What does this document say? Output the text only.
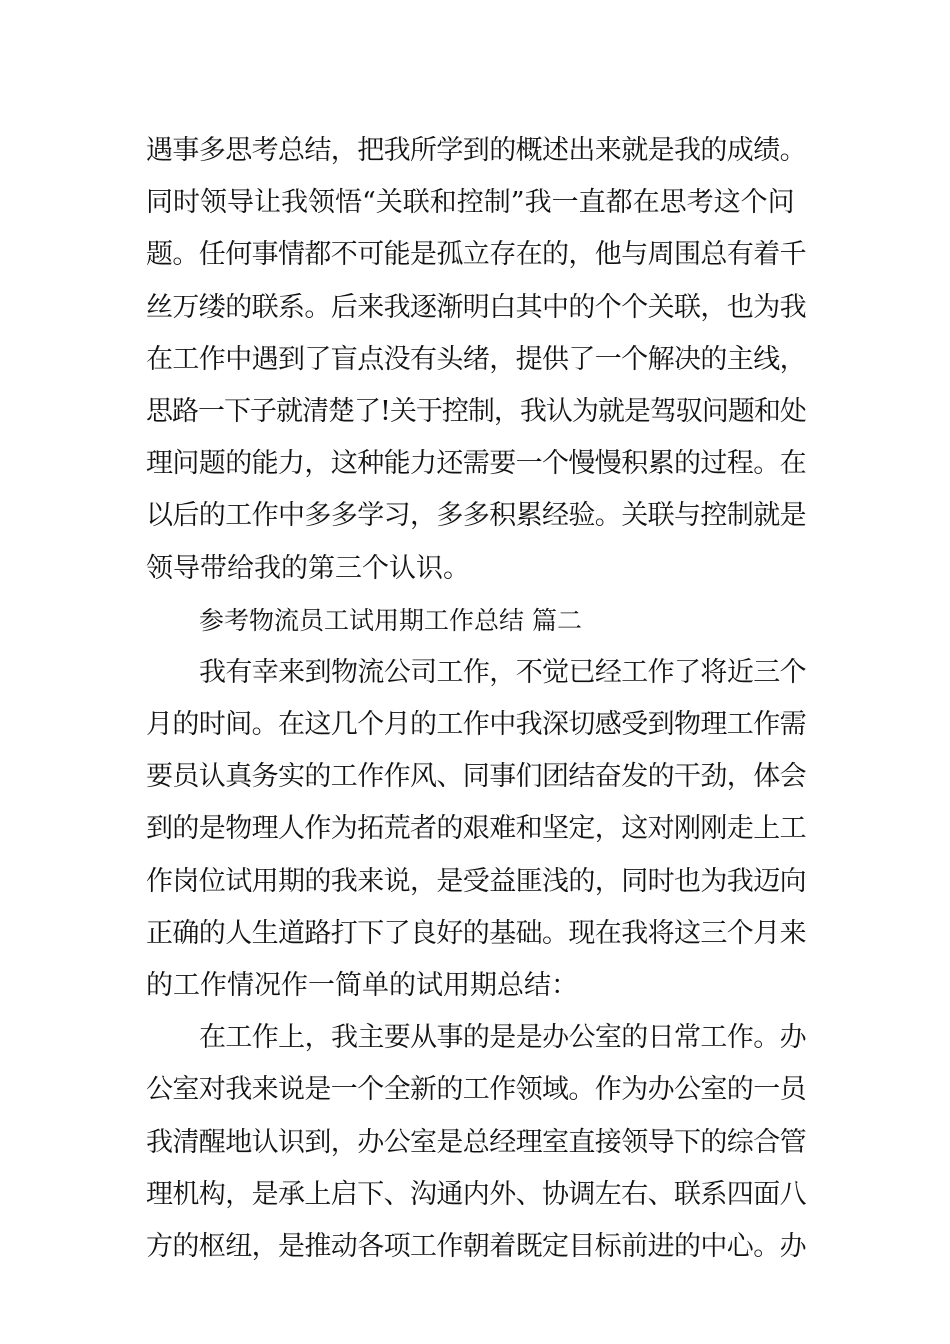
遇事多思考总结，把我所学到的概述出来就是我的成绩。
同时领导让我领悟“关联和控制”我一直都在思考这个问
题。任何事情都不可能是孤立存在的，他与周围总有着千
丝万缕的联系。后来我逐渐明白其中的个个关联，也为我
在工作中遇到了盲点没有头绪，提供了一个解决的主线，
思路一下子就清楚了!关于控制，我认为就是驾驭问题和处
理问题的能力，这种能力还需要一个慢慢积累的过程。在
以后的工作中多多学习，多多积累经验。关联与控制就是
领导带给我的第三个认识。
参考物流员工试用期工作总结 篇二
我有幸来到物流公司工作，不觉已经工作了将近三个
月的时间。在这几个月的工作中我深切感受到物理工作需
要员认真务实的工作作风、同事们团结奋发的干劲，体会
到的是物理人作为拓荒者的艰难和坚定，这对刚刚走上工
作岗位试用期的我来说，是受益匪浅的，同时也为我迈向
正确的人生道路打下了良好的基础。现在我将这三个月来
的工作情况作一简单的试用期总结：
在工作上，我主要从事的是是办公室的日常工作。办
公室对我来说是一个全新的工作领域。作为办公室的一员
我清醒地认识到，办公室是总经理室直接领导下的综合管
理机构，是承上启下、沟通内外、协调左右、联系四面八
方的枢纽，是推动各项工作朝着既定目标前进的中心。办
